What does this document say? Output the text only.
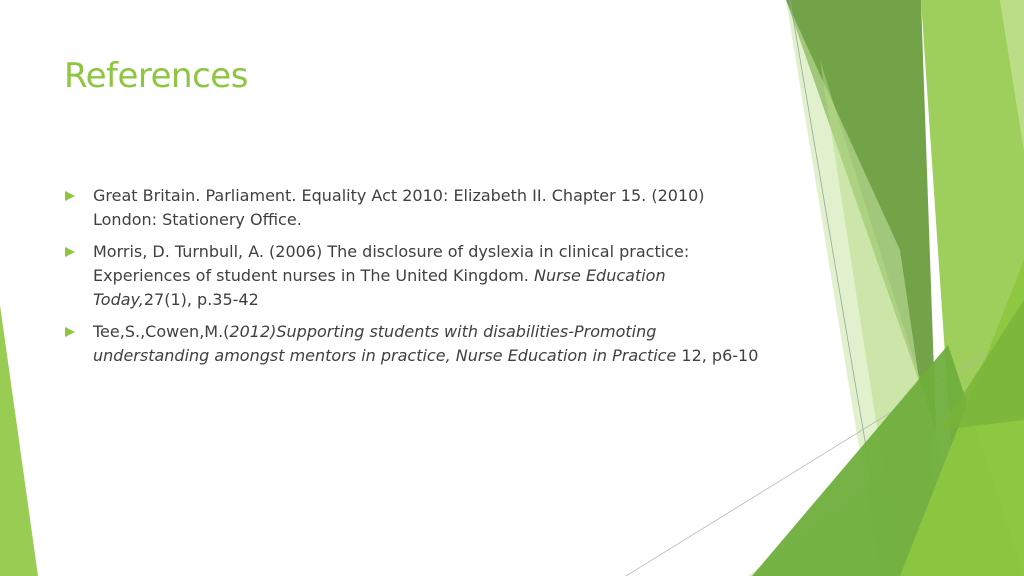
References
Great Britain. Parliament. Equality Act 2010: Elizabeth II. Chapter 15. (2010) London: Stationery Office.
Morris, D. Turnbull, A. (2006) The disclosure of dyslexia in clinical practice: Experiences of student nurses in The United Kingdom. Nurse Education Today,27(1), p.35-42
Tee,S.,Cowen,M.(2012)Supporting students with disabilities-Promoting understanding amongst mentors in practice, Nurse Education in Practice 12, p6-10
